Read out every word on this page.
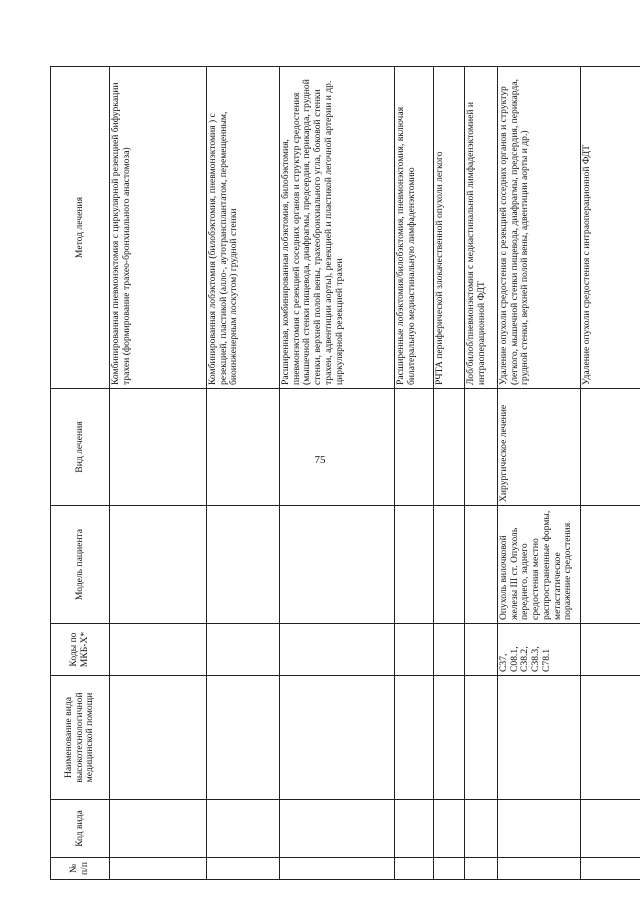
75
№ п/п	Код вида	Наименование вида высокотехнологичной медицинской помощи	Коды по МКБ-X*	Модель пациента	Вид лечения	Метод лечения
						Комбинированная пневмонэктомия с циркулярной резекцией бифуркации трахеи (формирование трахео-бронхиального анастомоза)
						Комбинированная лобэктомия (билобэктомия, пневмонэктомия ) с резекцией, пластикой (алло-, аутотрансплантатом, перемещенным, биоинженерным лоскутом) грудной стенки
						Расширенная, комбинированная лобэктомия, билобэктомия, пневмонэктомия с резекцией соседних органов и структур средостения (мышечной стенки пищевода, диафрагмы, предсердия, перикарда, грудной стенки, верхней полой вены, трахеобронхиального угла, боковой стенки трахеи, адвентиции аорты), резекцией и пластикой легочной артерии и др. циркулярной резекцией трахеи
						Расширенные лобэктомия/билобэктомия, пневмонэктомия, включая билатеральную медиастинальную лимфаденэктомию
						РЧТА периферической злокачественной опухоли легкого
						Лоб/билоб/пневмонэктомия с медиастинальной лимфаденэктомией и интраоперационной ФДТ
			C37, C08.1, C38.2, C38.3, C78.1	Опухоль вилочковой железы III ст. Опухоль переднего, заднего средостения местно распространенные формы, метастатическое поражение средостения	Хирургическое лечение	Удаление опухоли средостения с резекцией соседних органов и структур (легкого, мышечной стенки пищевода, диафрагмы, предсердия, перикарда, грудной стенки, верхней полой вены, адвентиции аорты и др.)
						Удаление опухоли средостения с интраоперационной ФДТ
